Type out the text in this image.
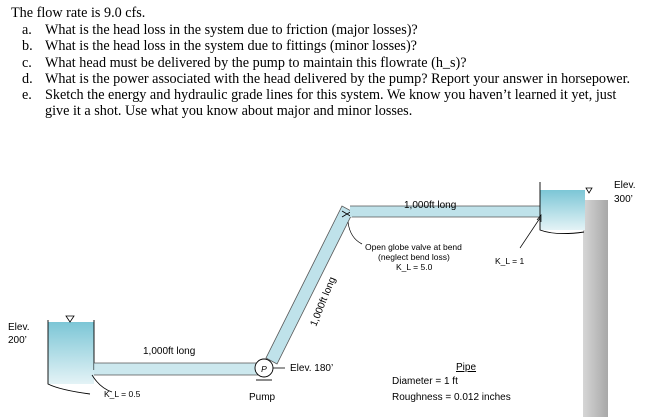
The flow rate is 9.0 cfs.
a. What is the head loss in the system due to friction (major losses)?
b. What is the head loss in the system due to fittings (minor losses)?
c. What head must be delivered by the pump to maintain this flowrate (h_s)?
d. What is the power associated with the head delivered by the pump? Report your answer in horsepower.
e. Sketch the energy and hydraulic grade lines for this system. We know you haven’t learned it yet, just give it a shot. Use what you know about major and minor losses.
P
Elev.
200’
1,000ft long
K_L = 0.5	Pump
Elev. 180’
1,000ft long
1,000ft long
Open globe valve at bend
(neglect bend loss)
K_L = 5.0
K_L = 1
Elev.
300’
Pipe
Diameter = 1 ft
Roughness = 0.012 inches
